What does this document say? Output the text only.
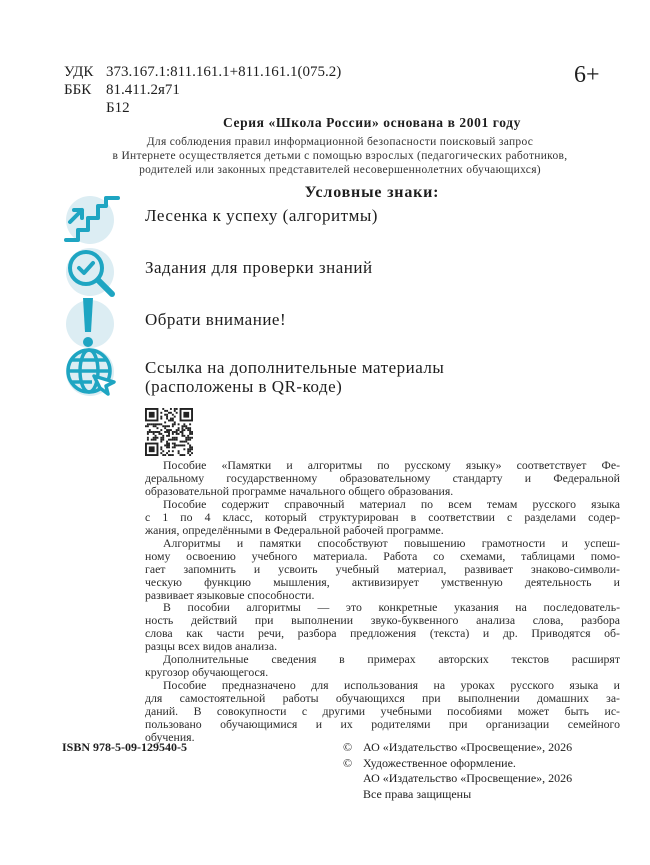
УДК 373.167.1:811.161.1+811.161.1(075.2)
ББК 81.411.2я71
Б12
6+
Серия «Школа России» основана в 2001 году
Для соблюдения правил информационной безопасности поисковый запрос
в Интернете осуществляется детьми с помощью взрослых (педагогических работников,
родителей или законных представителей несовершеннолетних обучающихся)
Условные знаки:
Лесенка к успеху (алгоритмы)
Задания для проверки знаний
Обрати внимание!
Ссылка на дополнительные материалы
(расположены в QR-коде)
Пособие «Памятки и алгоритмы по русскому языку» соответствует Фе-
деральному государственному образовательному стандарту и Федеральной
образовательной программе начального общего образования.
Пособие содержит справочный материал по всем темам русского языка
с 1 по 4 класс, который структурирован в соответствии с разделами содер-
жания, определёнными в Федеральной рабочей программе.
Алгоритмы и памятки способствуют повышению грамотности и успеш-
ному освоению учебного материала. Работа со схемами, таблицами помо-
гает запомнить и усвоить учебный материал, развивает знаково-символи-
ческую функцию мышления, активизирует умственную деятельность и
развивает языковые способности.
В пособии алгоритмы — это конкретные указания на последователь-
ность действий при выполнении звуко-буквенного анализа слова, разбора
слова как части речи, разбора предложения (текста) и др. Приводятся об-
разцы всех видов анализа.
Дополнительные сведения в примерах авторских текстов расширят
кругозор обучающегося.
Пособие предназначено для использования на уроках русского языка и
для самостоятельной работы обучающихся при выполнении домашних за-
даний. В совокупности с другими учебными пособиями может быть ис-
пользовано обучающимися и их родителями при организации семейного
обучения.
ISBN 978-5-09-129540-5	© АО «Издательство «Просвещение», 2026
© Художественное оформление.
АО «Издательство «Просвещение», 2026
Все права защищены
